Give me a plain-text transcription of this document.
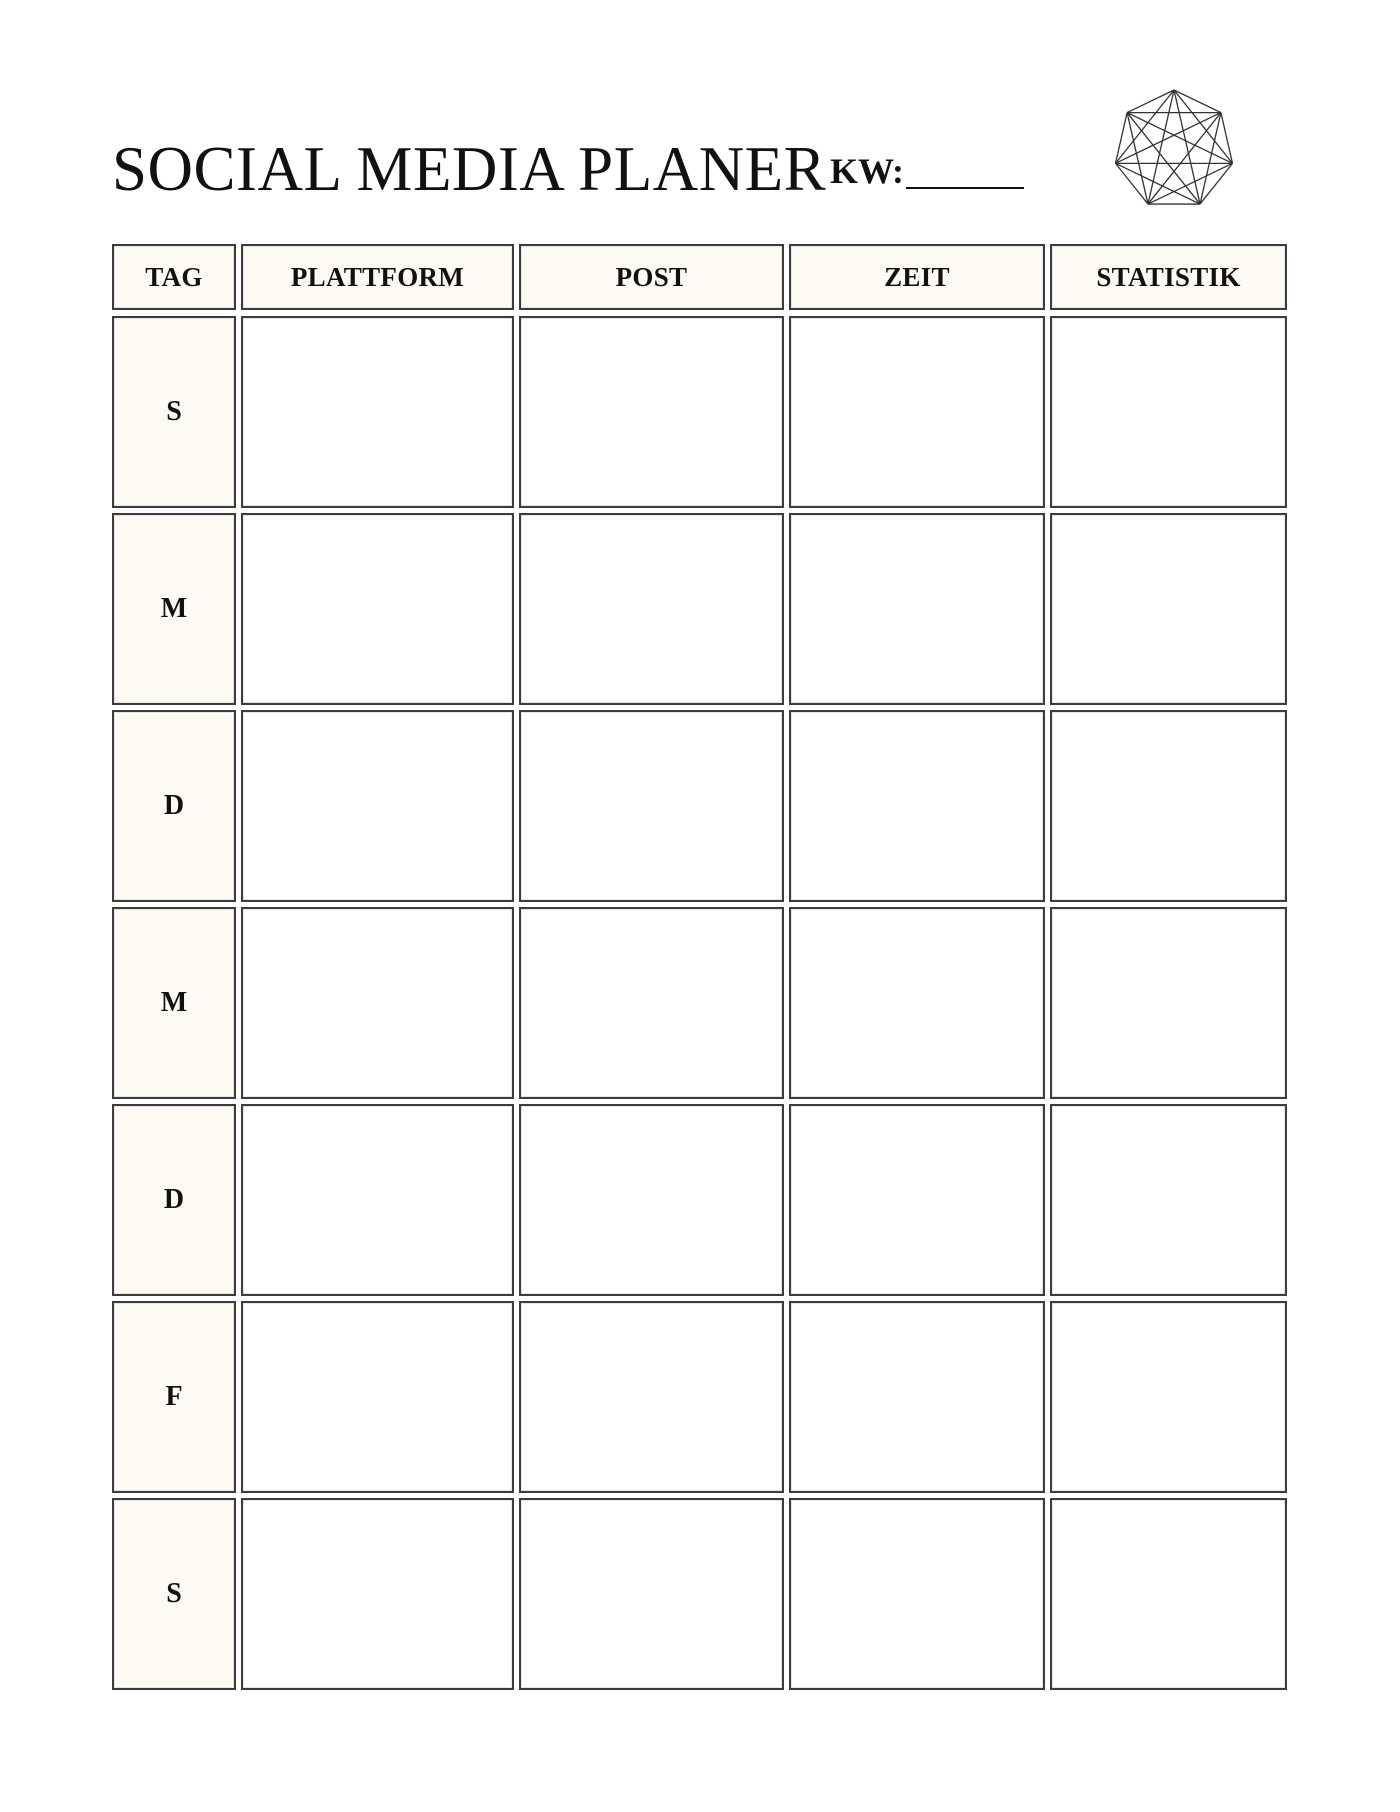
SOCIAL MEDIA PLANER KW:
TAG	PLATTFORM	POST	ZEIT	STATISTIK
S
M
D
M
D
F
S
